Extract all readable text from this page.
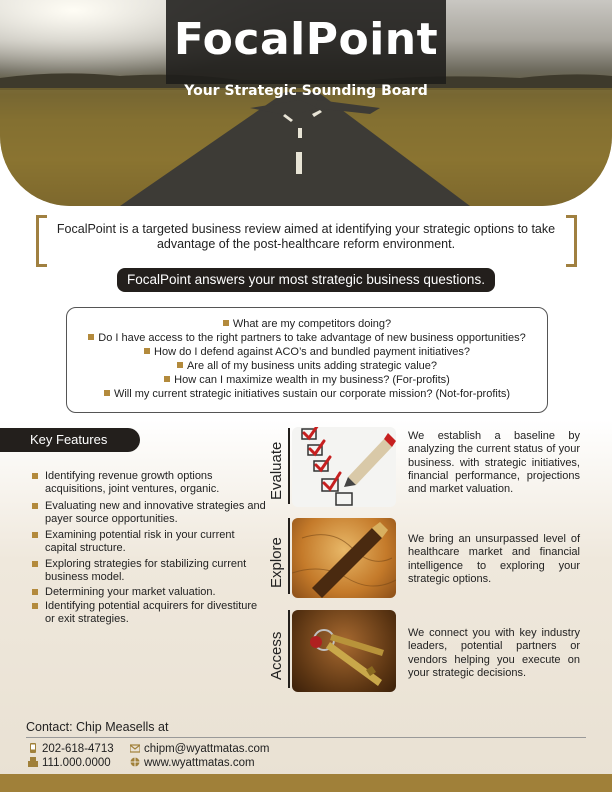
FocalPoint
Your Strategic Sounding Board
FocalPoint is a targeted business review aimed at identifying your strategic options to take advantage of the post-healthcare reform environment.
FocalPoint answers your most strategic business questions.
What are my competitors doing?
Do I have access to the right partners to take advantage of new business opportunities?
How do I defend against ACO’s and bundled payment initiatives?
Are all of my business units adding strategic value?
How can I maximize wealth in my business? (For-profits)
Will my current strategic initiatives sustain our corporate mission? (Not-for-profits)
Key Features
Identifying revenue growth options acquisitions, joint ventures, organic.
Evaluating new and innovative strategies and payer source opportunities.
Examining potential risk in your current capital structure.
Exploring strategies for stabilizing current business model.
Determining your market valuation.
Identifying potential acquirers for divestiture or exit strategies.
Evaluate
We establish a baseline by analyzing the current status of your business. with strategic initiatives, financial performance, projections and market valuation.
Explore	We bring an unsurpassed level of healthcare market and financial intelligence to exploring your strategic options.
Access	We connect you with key industry leaders, potential partners or vendors helping you execute on your strategic decisions.
Contact: Chip Measells at
202-618-4713
111.000.0000
chipm@wyattmatas.com
www.wyattmatas.com
